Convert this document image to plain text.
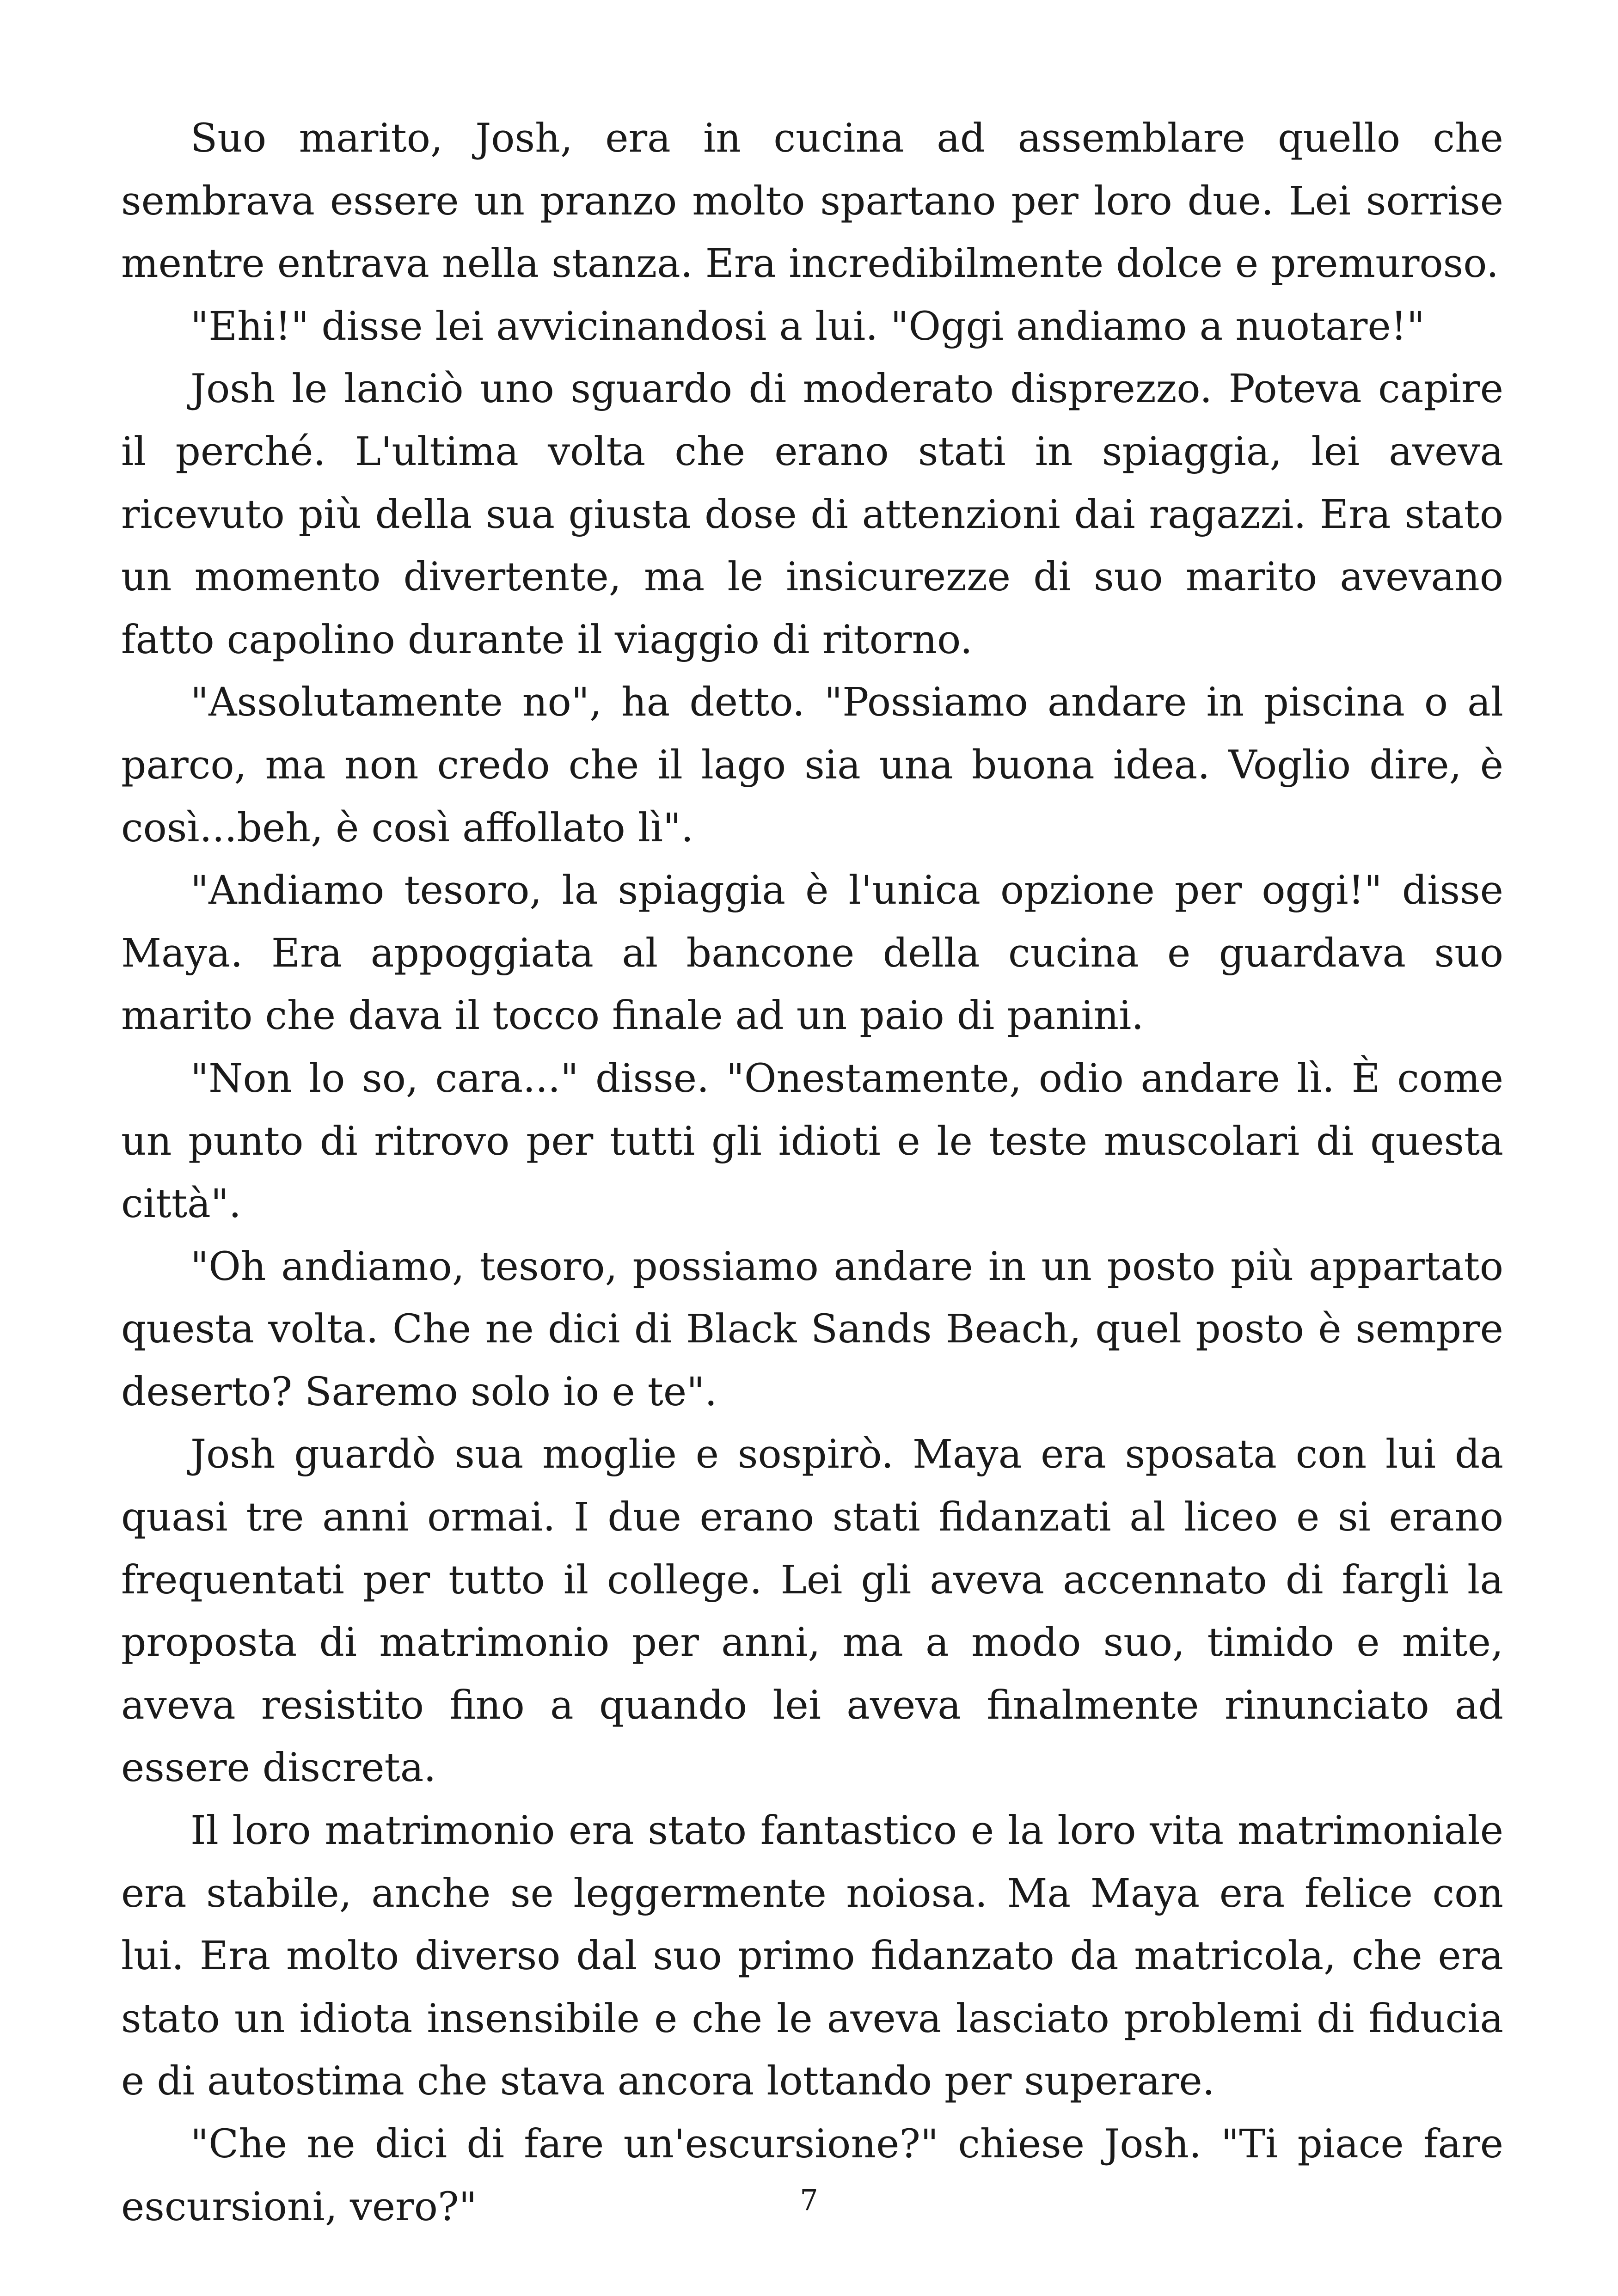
Suo marito, Josh, era in cucina ad assemblare quello che sembrava essere un pranzo molto spartano per loro due. Lei sorrise mentre entrava nella stanza. Era incredibilmente dolce e premuroso.

"Ehi!" disse lei avvicinandosi a lui. "Oggi andiamo a nuotare!"

Josh le lanciò uno sguardo di moderato disprezzo. Poteva capire il perché. L'ultima volta che erano stati in spiaggia, lei aveva ricevuto più della sua giusta dose di attenzioni dai ragazzi. Era stato un momento divertente, ma le insicurezze di suo marito avevano fatto capolino durante il viaggio di ritorno.

"Assolutamente no", ha detto. "Possiamo andare in piscina o al parco, ma non credo che il lago sia una buona idea. Voglio dire, è così...beh, è così affollato lì".

"Andiamo tesoro, la spiaggia è l'unica opzione per oggi!" disse Maya. Era appoggiata al bancone della cucina e guardava suo marito che dava il tocco finale ad un paio di panini.

"Non lo so, cara..." disse. "Onestamente, odio andare lì. È come un punto di ritrovo per tutti gli idioti e le teste muscolari di questa città".

"Oh andiamo, tesoro, possiamo andare in un posto più appartato questa volta. Che ne dici di Black Sands Beach, quel posto è sempre deserto? Saremo solo io e te".

Josh guardò sua moglie e sospirò. Maya era sposata con lui da quasi tre anni ormai. I due erano stati fidanzati al liceo e si erano frequentati per tutto il college. Lei gli aveva accennato di fargli la proposta di matrimonio per anni, ma a modo suo, timido e mite, aveva resistito fino a quando lei aveva finalmente rinunciato ad essere discreta.

Il loro matrimonio era stato fantastico e la loro vita matrimoniale era stabile, anche se leggermente noiosa. Ma Maya era felice con lui. Era molto diverso dal suo primo fidanzato da matricola, che era stato un idiota insensibile e che le aveva lasciato problemi di fiducia e di autostima che stava ancora lottando per superare.

"Che ne dici di fare un'escursione?" chiese Josh. "Ti piace fare escursioni, vero?"	7
